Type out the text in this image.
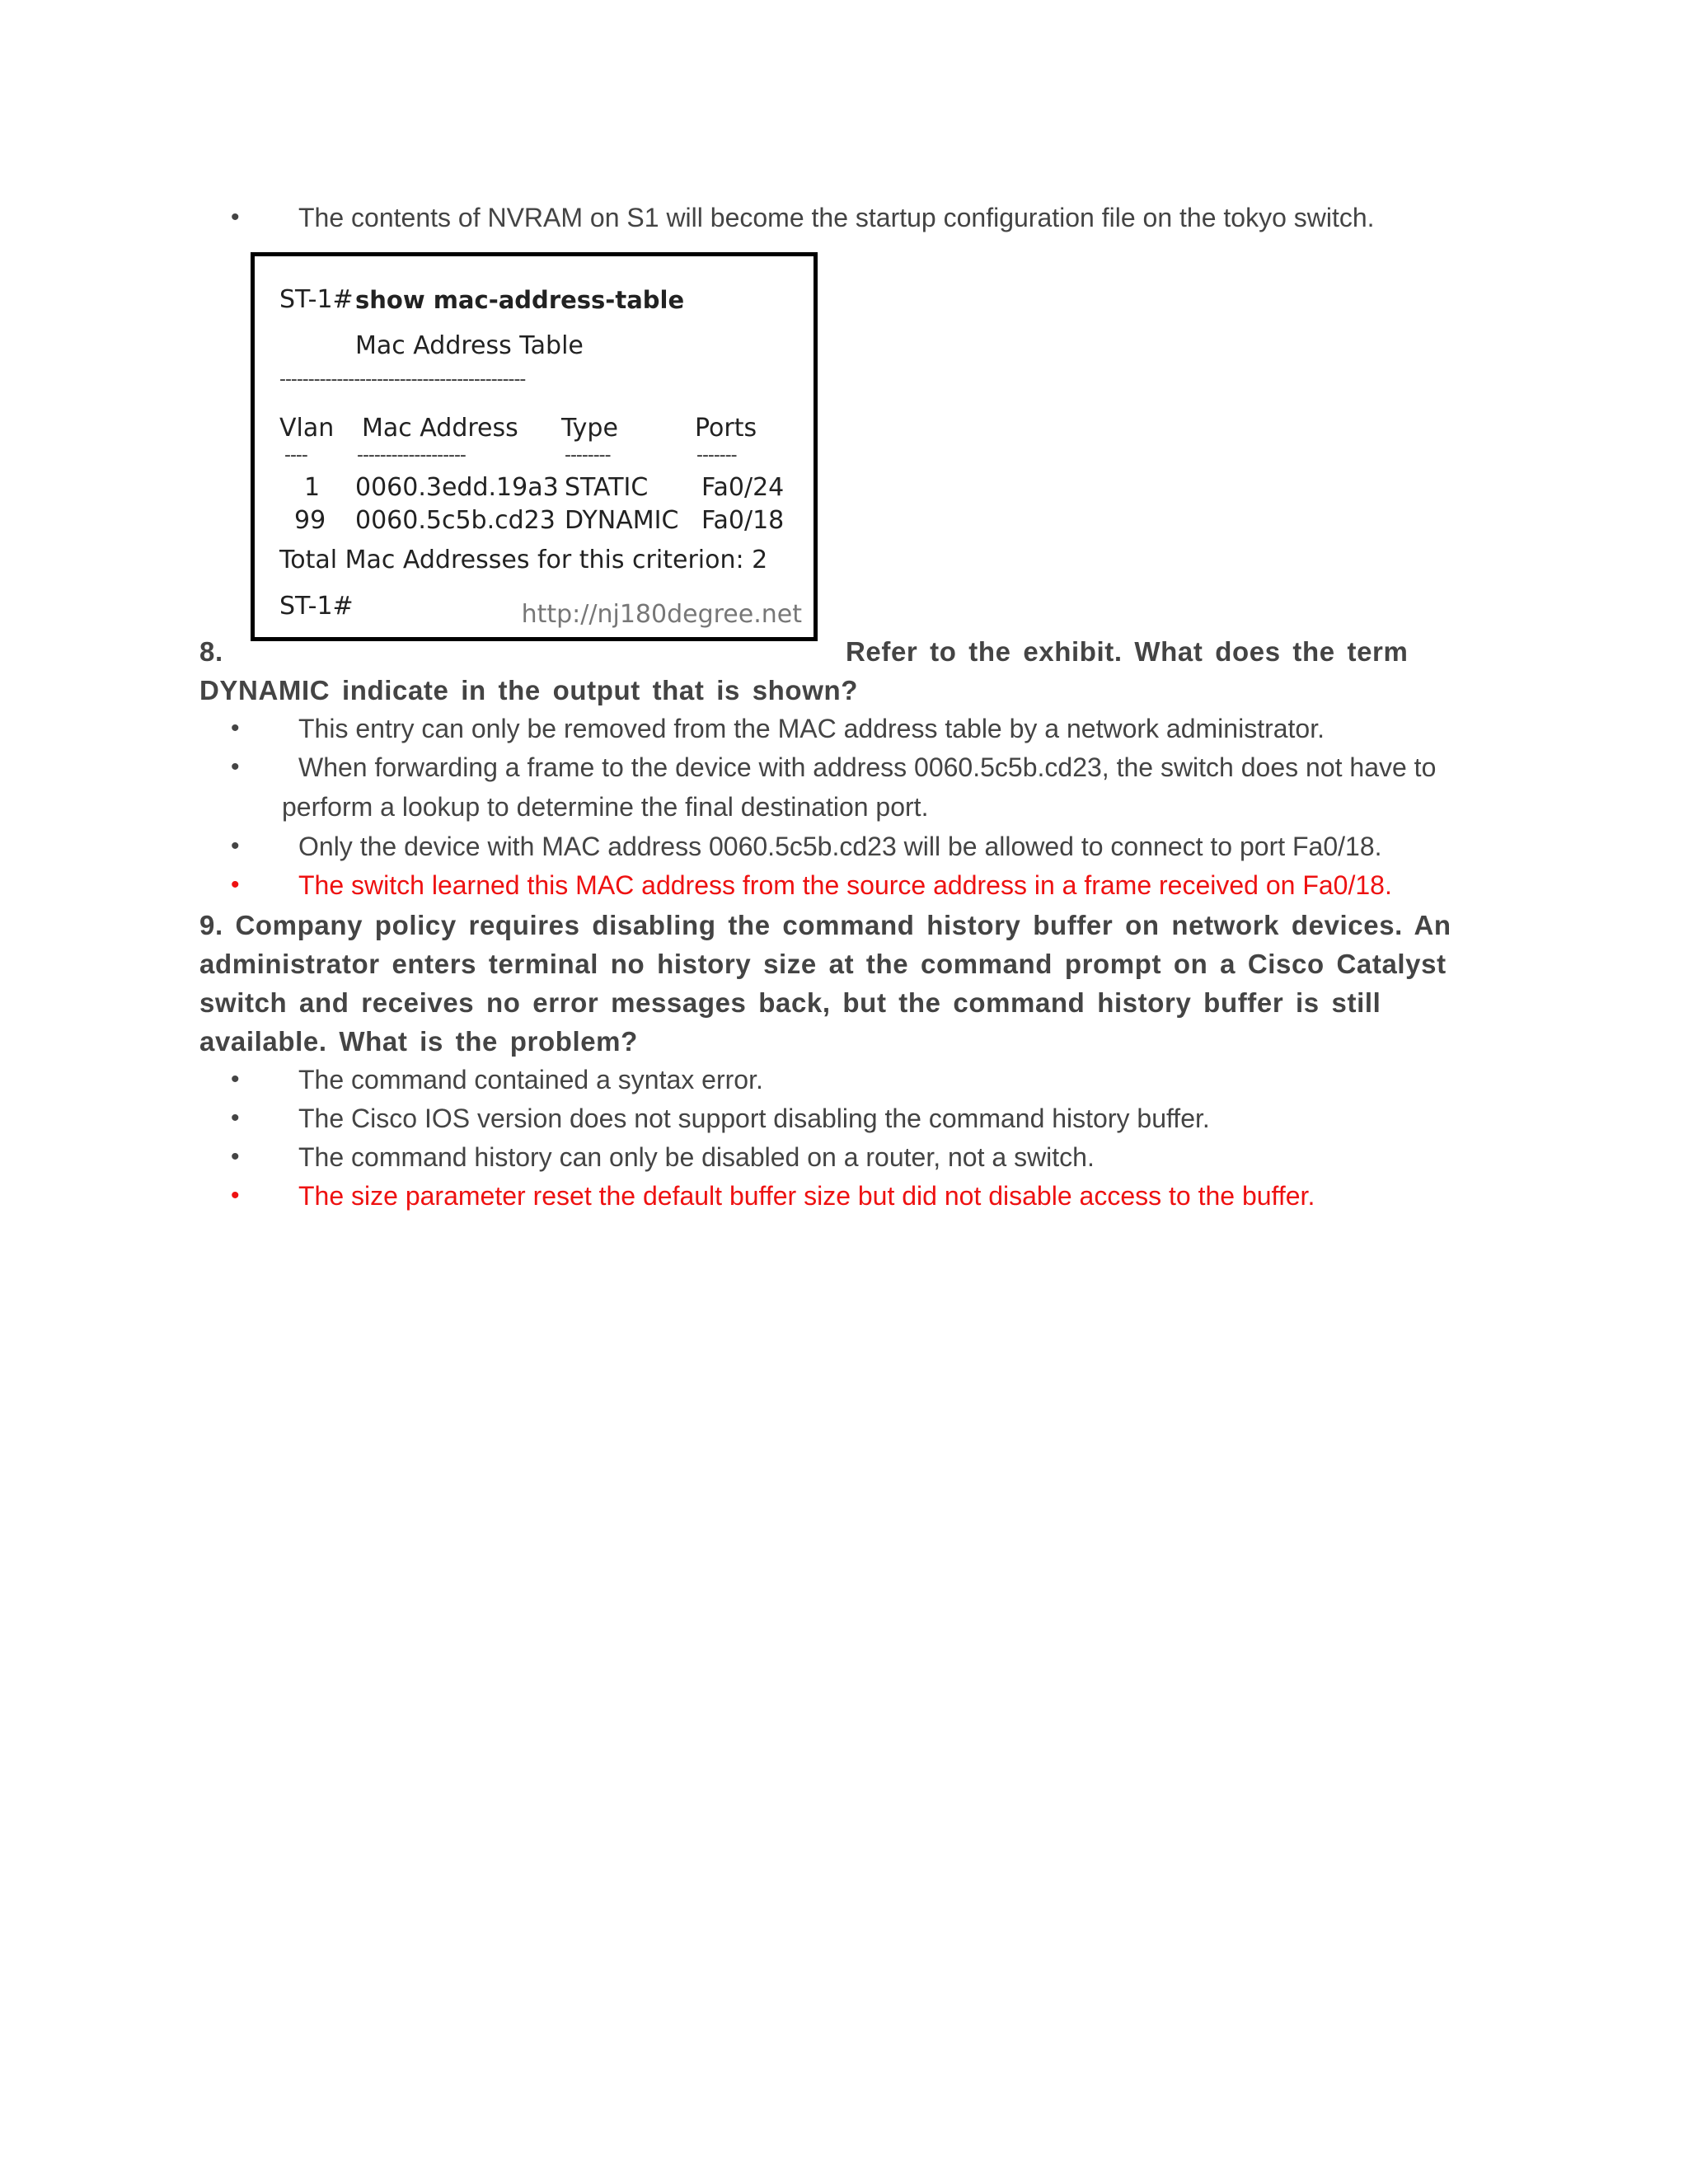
• The contents of NVRAM on S1 will become the startup configuration file on the tokyo switch.
ST-1# show mac-address-table
Mac Address Table
-------------------------------------------
Vlan Mac Address Type	Ports
----	-------------------	--------	-------
1 0060.3edd.19a3 STATIC Fa0/24
99 0060.5c5b.cd23 DYNAMIC Fa0/18
Total Mac Addresses for this criterion: 2
ST-1#	http://nj180degree.net
8.	Refer to the exhibit. What does the term
DYNAMIC indicate in the output that is shown?
• This entry can only be removed from the MAC address table by a network administrator.
• When forwarding a frame to the device with address 0060.5c5b.cd23, the switch does not have to
perform a lookup to determine the final destination port.
• Only the device with MAC address 0060.5c5b.cd23 will be allowed to connect to port Fa0/18.
• The switch learned this MAC address from the source address in a frame received on Fa0/18.
9. Company policy requires disabling the command history buffer on network devices. An
administrator enters terminal no history size at the command prompt on a Cisco Catalyst
switch and receives no error messages back, but the command history buffer is still
available. What is the problem?
• The command contained a syntax error.
• The Cisco IOS version does not support disabling the command history buffer.
• The command history can only be disabled on a router, not a switch.
• The size parameter reset the default buffer size but did not disable access to the buffer.
